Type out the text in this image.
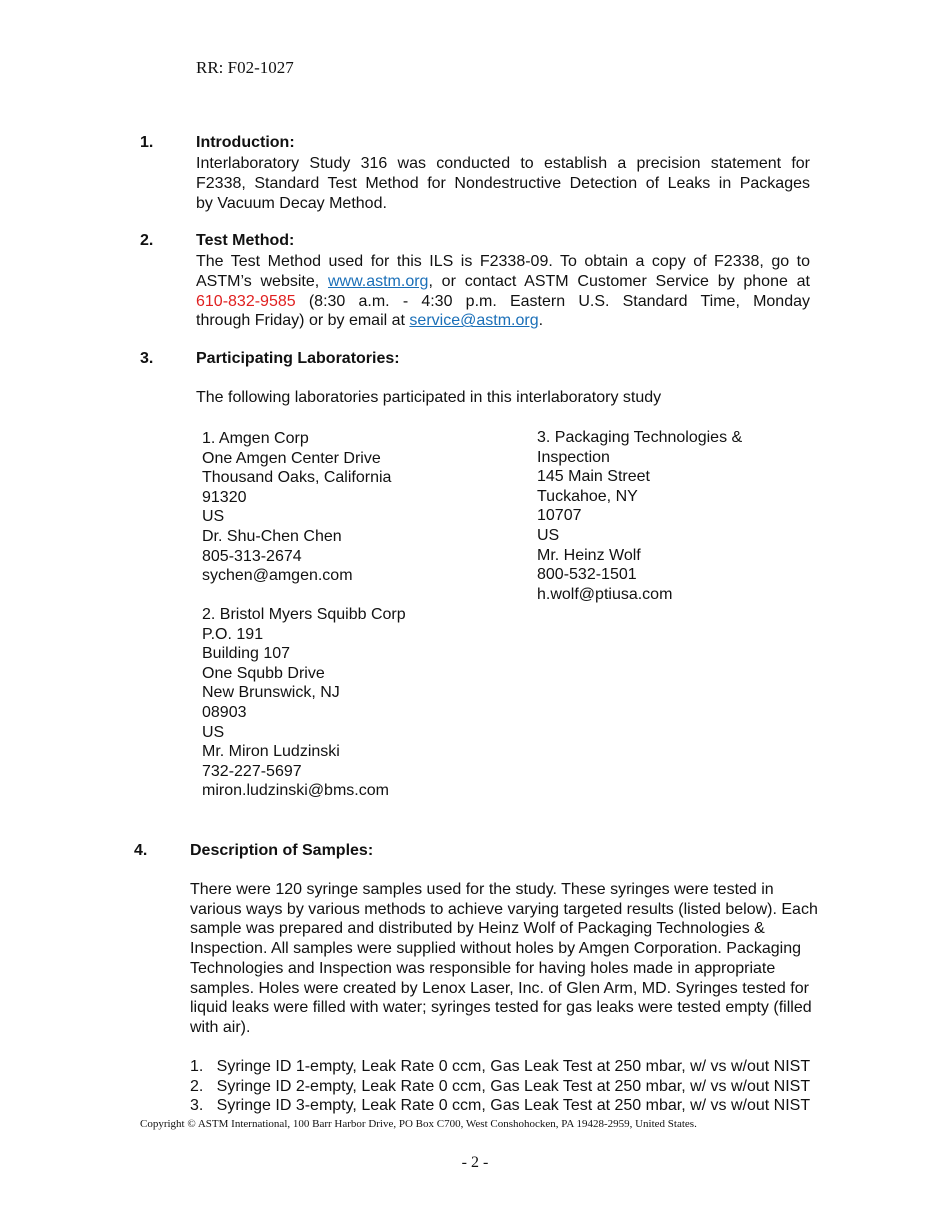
RR: F02-1027
1.	Introduction:
Interlaboratory Study 316 was conducted to establish a precision statement for
F2338, Standard Test Method for Nondestructive Detection of Leaks in Packages
by Vacuum Decay Method.
2.	Test Method:
The Test Method used for this ILS is F2338-09. To obtain a copy of F2338, go to
ASTM’s website, www.astm.org, or contact ASTM Customer Service by phone at
610-832-9585 (8:30 a.m. - 4:30 p.m. Eastern U.S. Standard Time, Monday
through Friday) or by email at service@astm.org.
3.	Participating Laboratories:
The following laboratories participated in this interlaboratory study
1. Amgen Corp
One Amgen Center Drive
Thousand Oaks, California
91320
US
Dr. Shu-Chen Chen
805-313-2674
sychen@amgen.com
2. Bristol Myers Squibb Corp
P.O. 191
Building 107
One Squbb Drive
New Brunswick, NJ
08903
US
Mr. Miron Ludzinski
732-227-5697
miron.ludzinski@bms.com
3. Packaging Technologies &
Inspection
145 Main Street
Tuckahoe, NY
10707
US
Mr. Heinz Wolf
800-532-1501
h.wolf@ptiusa.com
4.	Description of Samples:
There were 120 syringe samples used for the study. These syringes were tested in
various ways by various methods to achieve varying targeted results (listed below). Each
sample was prepared and distributed by Heinz Wolf of Packaging Technologies &
Inspection. All samples were supplied without holes by Amgen Corporation. Packaging
Technologies and Inspection was responsible for having holes made in appropriate
samples. Holes were created by Lenox Laser, Inc. of Glen Arm, MD. Syringes tested for
liquid leaks were filled with water; syringes tested for gas leaks were tested empty (filled
with air).
1.   Syringe ID 1-empty, Leak Rate 0 ccm, Gas Leak Test at 250 mbar, w/ vs w/out NIST
2.   Syringe ID 2-empty, Leak Rate 0 ccm, Gas Leak Test at 250 mbar, w/ vs w/out NIST
3.   Syringe ID 3-empty, Leak Rate 0 ccm, Gas Leak Test at 250 mbar, w/ vs w/out NIST
Copyright © ASTM International, 100 Barr Harbor Drive, PO Box C700, West Conshohocken, PA 19428-2959, United States.
- 2 -
